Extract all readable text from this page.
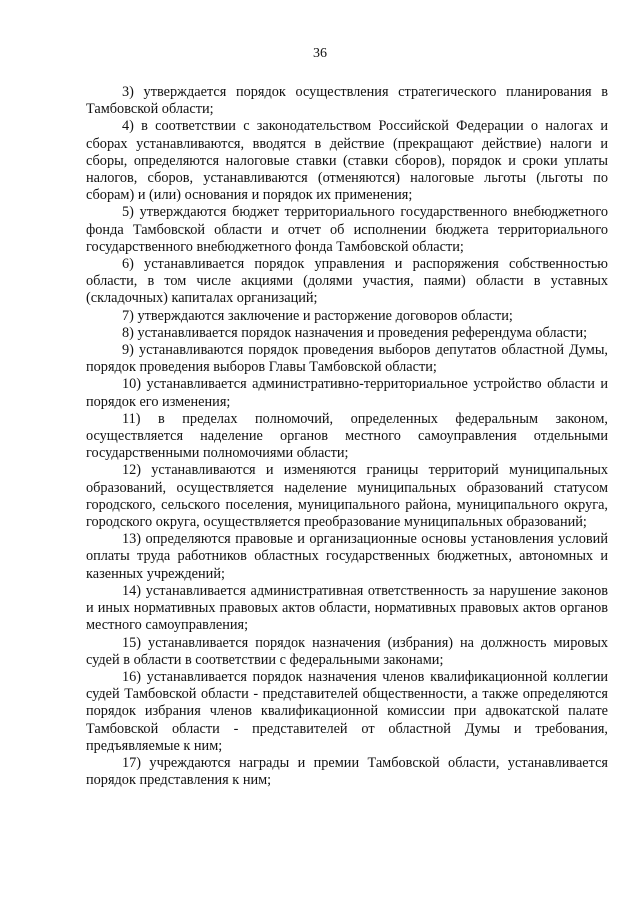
36

3) утверждается порядок осуществления стратегического планирования в Тамбовской области;

4) в соответствии с законодательством Российской Федерации о налогах и сборах устанавливаются, вводятся в действие (прекращают действие) налоги и сборы, определяются налоговые ставки (ставки сборов), порядок и сроки уплаты налогов, сборов, устанавливаются (отменяются) налоговые льготы (льготы по сборам) и (или) основания и порядок их применения;

5) утверждаются бюджет территориального государственного внебюджетного фонда Тамбовской области и отчет об исполнении бюджета территориального государственного внебюджетного фонда Тамбовской области;

6) устанавливается порядок управления и распоряжения собственностью области, в том числе акциями (долями участия, паями) области в уставных (складочных) капиталах организаций;

7) утверждаются заключение и расторжение договоров области;

8) устанавливается порядок назначения и проведения референдума области;

9) устанавливаются порядок проведения выборов депутатов областной Думы, порядок проведения выборов Главы Тамбовской области;

10) устанавливается административно-территориальное устройство области и порядок его изменения;

11) в пределах полномочий, определенных федеральным законом, осуществляется наделение органов местного самоуправления отдельными государственными полномочиями области;

12) устанавливаются и изменяются границы территорий муниципальных образований, осуществляется наделение муниципальных образований статусом городского, сельского поселения, муниципального района, муниципального округа, городского округа, осуществляется преобразование муниципальных образований;

13) определяются правовые и организационные основы установления условий оплаты труда работников областных государственных бюджетных, автономных и казенных учреждений;

14) устанавливается административная ответственность за нарушение законов и иных нормативных правовых актов области, нормативных правовых актов органов местного самоуправления;

15) устанавливается порядок назначения (избрания) на должность мировых судей в области в соответствии с федеральными законами;

16) устанавливается порядок назначения членов квалификационной коллегии судей Тамбовской области - представителей общественности, а также определяются порядок избрания членов квалификационной комиссии при адвокатской палате Тамбовской области - представителей от областной Думы и требования, предъявляемые к ним;

17) учреждаются награды и премии Тамбовской области, устанавливается порядок представления к ним;
